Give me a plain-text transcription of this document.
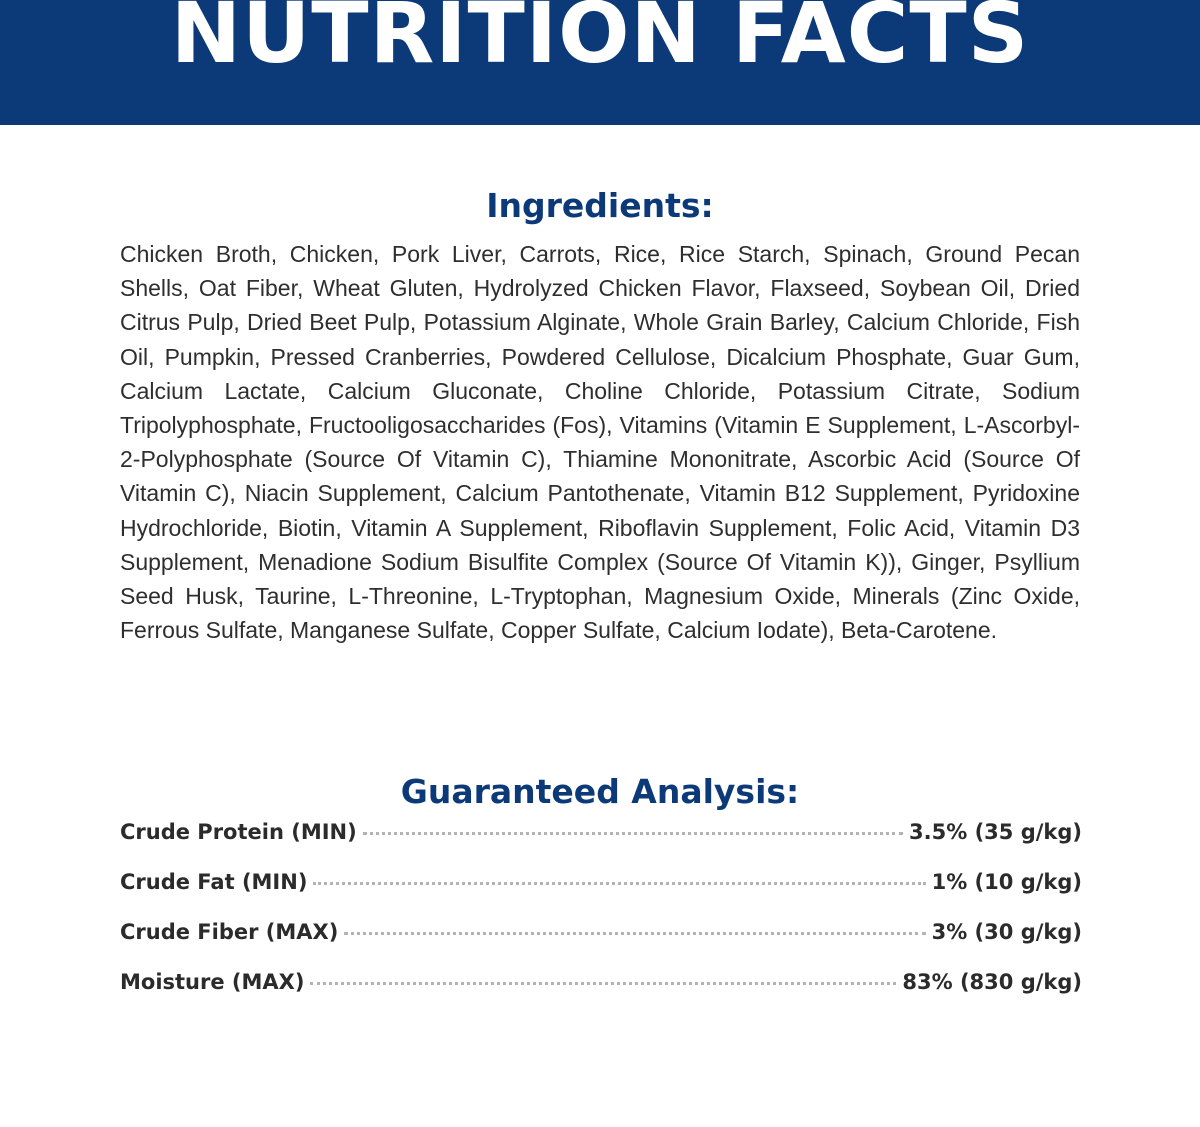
NUTRITION FACTS
Ingredients:
Chicken Broth, Chicken, Pork Liver, Carrots, Rice, Rice Starch, Spinach, Ground Pecan Shells, Oat Fiber, Wheat Gluten, Hydrolyzed Chicken Flavor, Flaxseed, Soybean Oil, Dried Citrus Pulp, Dried Beet Pulp, Potassium Alginate, Whole Grain Barley, Calcium Chloride, Fish Oil, Pumpkin, Pressed Cranberries, Powdered Cellulose, Dicalcium Phosphate, Guar Gum, Calcium Lactate, Calcium Gluconate, Choline Chloride, Potassium Citrate, Sodium Tripolyphosphate, Fructooligosaccharides (Fos), Vitamins (Vitamin E Supplement, L-Ascorbyl-2-Polyphosphate (Source Of Vitamin C), Thiamine Mononitrate, Ascorbic Acid (Source Of Vitamin C), Niacin Supplement, Calcium Pantothenate, Vitamin B12 Supplement, Pyridoxine Hydrochloride, Biotin, Vitamin A Supplement, Riboflavin Supplement, Folic Acid, Vitamin D3 Supplement, Menadione Sodium Bisulfite Complex (Source Of Vitamin K)), Ginger, Psyllium Seed Husk, Taurine, L-Threonine, L-Tryptophan, Magnesium Oxide, Minerals (Zinc Oxide, Ferrous Sulfate, Manganese Sulfate, Copper Sulfate, Calcium Iodate), Beta-Carotene.
Guaranteed Analysis:
Crude Protein (MIN)	3.5% (35 g/kg)
Crude Fat (MIN)	1% (10 g/kg)
Crude Fiber (MAX)	3% (30 g/kg)
Moisture (MAX)	83% (830 g/kg)
